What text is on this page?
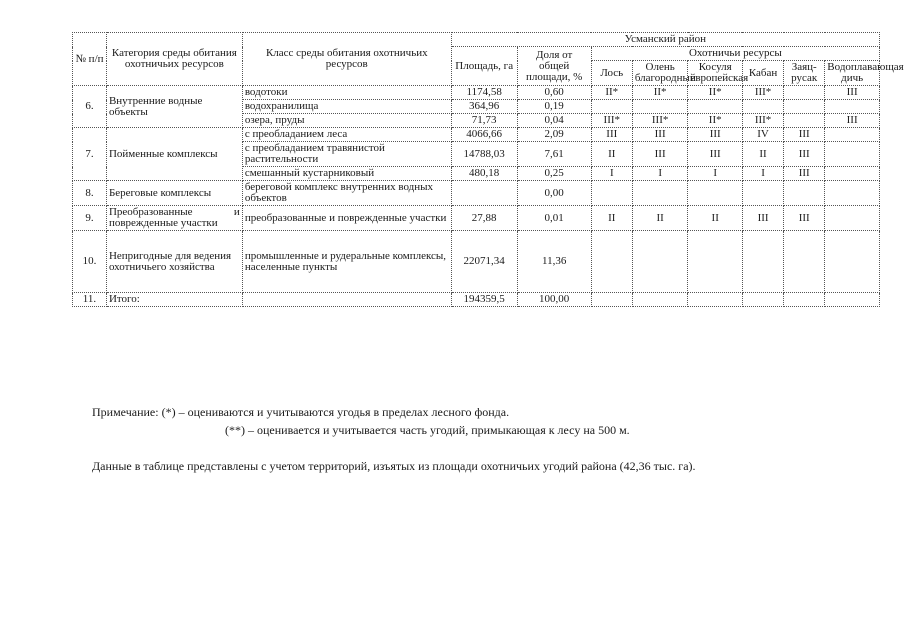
№ п/п	Категория среды обитания охотничьих ресурсов	Класс среды обитания охотничьих ресурсов	Усманский район							
			Площадь, га	Доля от общей площади, %	Охотничьи ресурсы					
					Лось	Олень благородный	Косуля европейская	Кабан	Заяц-русак	Водоплавающая дичь
6.	Внутренние водные объекты	водотоки	1174,58	0,60	II*	II*	II*	III*		III
		водохранилища	364,96	0,19						
		озера, пруды	71,73	0,04	III*	III*	II*	III*		III
7.	Пойменные комплексы	с преобладанием леса	4066,66	2,09	III	III	III	IV	III	
		с преобладанием травянистой растительности	14788,03	7,61	II	III	III	II	III	
		смешанный кустарниковый	480,18	0,25	I	I	I	I	III	
8.	Береговые комплексы	береговой комплекс внутренних водных объектов		0,00						
9.	Преобразованные и поврежденные участки	преобразованные и поврежденные участки	27,88	0,01	II	II	II	III	III	
10.	Непригодные для ведения охотничьего хозяйства	промышленные и рудеральные комплексы, населенные пункты	22071,34	11,36						
11.	Итого:		194359,5	100,00						
Примечание: (*) – оцениваются и учитываются угодья в пределах лесного фонда.
(**) – оценивается и учитывается часть угодий, примыкающая к лесу на 500 м.
Данные в таблице представлены с учетом территорий, изъятых из площади охотничьих угодий района (42,36 тыс. га).
